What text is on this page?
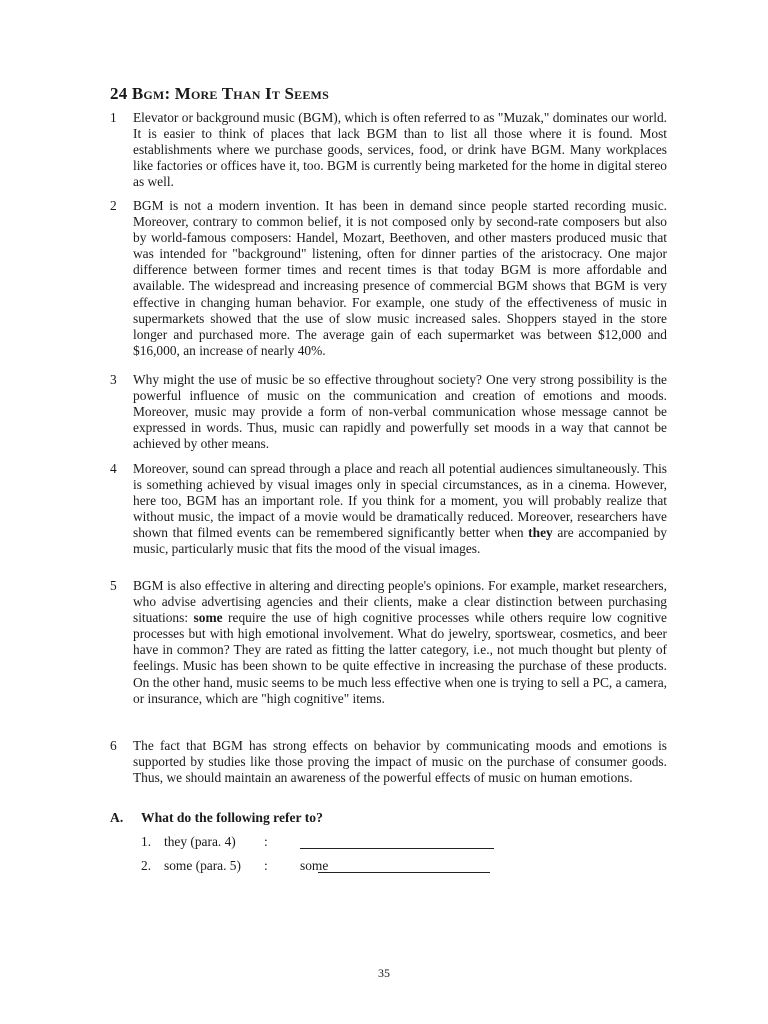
24 Bgm: More Than It Seems
1	Elevator or background music (BGM), which is often referred to as "Muzak," dominates our world. It is easier to think of places that lack BGM than to list all those where it is found. Most establishments where we purchase goods, services, food, or drink have BGM. Many workplaces like factories or offices have it, too. BGM is currently being marketed for the home in digital stereo as well.
2	BGM is not a modern invention. It has been in demand since people started recording music. Moreover, contrary to common belief, it is not composed only by second-rate composers but also by world-famous composers: Handel, Mozart, Beethoven, and other masters produced music that was intended for "background" listening, often for dinner parties of the aristocracy. One major difference between former times and recent times is that today BGM is more affordable and available. The widespread and increasing presence of commercial BGM shows that BGM is very effective in changing human behavior. For example, one study of the effectiveness of music in supermarkets showed that the use of slow music increased sales. Shoppers stayed in the store longer and purchased more. The average gain of each supermarket was between $12,000 and $16,000, an increase of nearly 40%.
3	Why might the use of music be so effective throughout society? One very strong possibility is the powerful influence of music on the communication and creation of emotions and moods. Moreover, music may provide a form of non-verbal communication whose message cannot be expressed in words. Thus, music can rapidly and powerfully set moods in a way that cannot be achieved by other means.
4	Moreover, sound can spread through a place and reach all potential audiences simultaneously. This is something achieved by visual images only in special circumstances, as in a cinema. However, here too, BGM has an important role. If you think for a moment, you will probably realize that without music, the impact of a movie would be dramatically reduced. Moreover, researchers have shown that filmed events can be remembered significantly better when they are accompanied by music, particularly music that fits the mood of the visual images.
5	BGM is also effective in altering and directing people's opinions. For example, market researchers, who advise advertising agencies and their clients, make a clear distinction between purchasing situations: some require the use of high cognitive processes while others require low cognitive processes but with high emotional involvement. What do jewelry, sportswear, cosmetics, and beer have in common? They are rated as fitting the latter category, i.e., not much thought but plenty of feelings. Music has been shown to be quite effective in increasing the purchase of these products. On the other hand, music seems to be much less effective when one is trying to sell a PC, a camera, or insurance, which are "high cognitive" items.
6	The fact that BGM has strong effects on behavior by communicating moods and emotions is supported by studies like those proving the impact of music on the purchase of consumer goods. Thus, we should maintain an awareness of the powerful effects of music on human emotions.
A. What do the following refer to?
1. they (para. 4) :
2. some (para. 5) : some
35
